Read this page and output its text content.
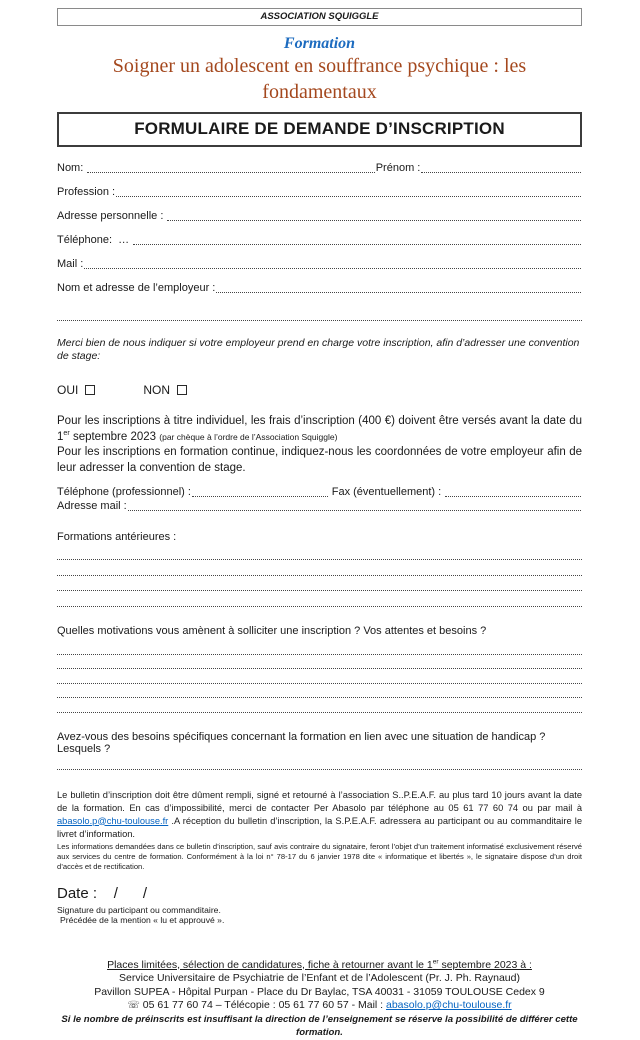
ASSOCIATION SQUIGGLE
Formation
Soigner un adolescent en souffrance psychique : les fondamentaux
FORMULAIRE DE DEMANDE D’INSCRIPTION
Nom:	Prénom :
Profession :
Adresse personnelle :
Téléphone:  …
Mail :
Nom et adresse de l’employeur :
Merci bien de nous indiquer si votre employeur prend en charge votre inscription, afin d’adresser une convention de stage:
OUI	NON
Pour les inscriptions à titre individuel, les frais d’inscription (400 €) doivent être versés avant la date du 1er septembre 2023 (par chèque à l’ordre de l’Association Squiggle)
Pour les inscriptions en formation continue, indiquez-nous les coordonnées de votre employeur afin de leur adresser la convention de stage.
Téléphone (professionnel) :	Fax (éventuellement) :
Adresse mail :
Formations antérieures :
Quelles motivations vous amènent à solliciter une inscription ? Vos attentes et besoins ?
Avez-vous des besoins spécifiques concernant la formation en lien avec une situation de handicap ? Lesquels ?
Le bulletin d’inscription doit être dûment rempli, signé et retourné à l’association S..P.E.A.F. au plus tard 10 jours avant la date de la formation. En cas d’impossibilité, merci de contacter Per Abasolo par téléphone au 05 61 77 60 74 ou par mail à abasolo.p@chu-toulouse.fr .A réception du bulletin d’inscription, la S.P.E.A.F. adressera au participant ou au commanditaire le livret d’information.
Les informations demandées dans ce bulletin d’inscription, sauf avis contraire du signataire, feront l’objet d’un traitement informatisé exclusivement réservé aux services du centre de formation. Conformément à la loi n° 78-17 du 6 janvier 1978 dite « informatique et libertés », le signataire dispose d’un droit d’accès et de rectification.
Date :    /      /
Signature du participant ou commanditaire.
Précédée de la mention « lu et approuvé ».
Places limitées, sélection de candidatures, fiche à retourner avant le 1er septembre 2023 à :
Service Universitaire de Psychiatrie de l’Enfant et de l’Adolescent (Pr. J. Ph. Raynaud)
Pavillon SUPEA - Hôpital Purpan - Place du Dr Baylac, TSA 40031 - 31059 TOULOUSE Cedex 9
☏ 05 61 77 60 74 – Télécopie : 05 61 77 60 57 - Mail : abasolo.p@chu-toulouse.fr
Si le nombre de préinscrits est insuffisant la direction de l’enseignement se réserve la possibilité de différer cette formation.
